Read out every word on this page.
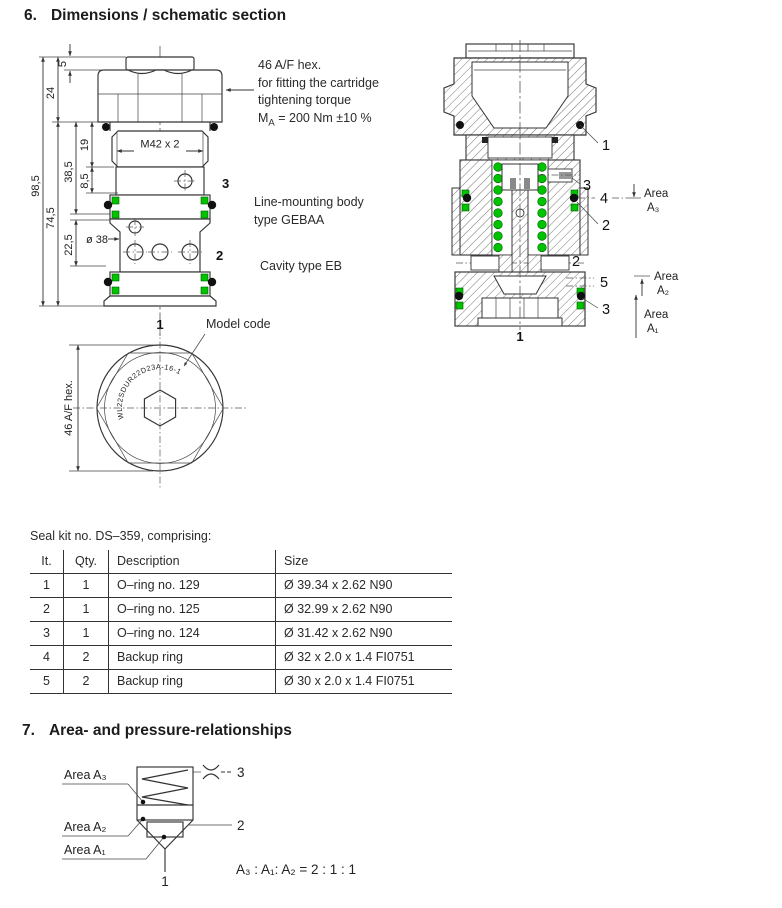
6. Dimensions / schematic section
M42 x 2
3
2
ø 38
1
98,5
24
74,5
38,5
22,5
19
8,5
5	46 A/F hex.
for fitting the cartridge
tightening torque
$M_A = 200$ Nm ±10 %
Line-mounting body
type GEBAA
Cavity type EB
1
1
3
4	Area
A₃
2
2
5	Area
A₂
3	Area
A₁
WL22SDUR22D23A-16-1
46 A/F hex.
Model code
Seal kit no. DS–359, comprising:
It.	Qty.	Description	Size
1	1	O–ring no. 129	Ø 39.34 x 2.62 N90
2	1	O–ring no. 125	Ø 32.99 x 2.62 N90
3	1	O–ring no. 124	Ø 31.42 x 2.62 N90
4	2	Backup ring	Ø 32 x 2.0 x 1.4 FI0751
5	2	Backup ring	Ø 30 x 2.0 x 1.4 FI0751
7. Area- and pressure-relationships
1
Area A₃
Area A₂
Area A₁
3
2
A₃ : A₁: A₂ = 2 : 1 : 1
